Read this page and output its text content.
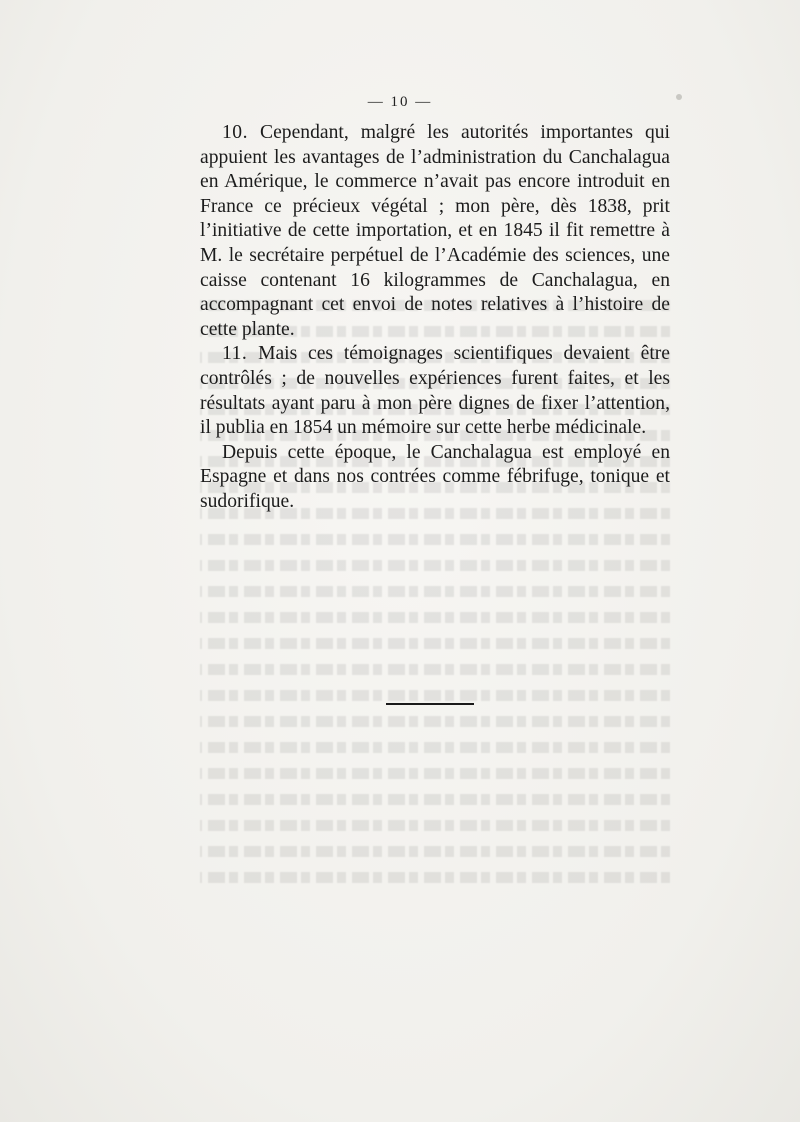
— 10 —

10. Cependant, malgré les autorités importantes qui appuient les avantages de l’administration du Canchalagua en Amérique, le commerce n’avait pas encore introduit en France ce précieux végétal ; mon père, dès 1838, prit l’initiative de cette importation, et en 1845 il fit remettre à M. le secrétaire perpétuel de l’Académie des sciences, une caisse contenant 16 kilogrammes de Canchalagua, en accompagnant cet envoi de notes relatives à l’histoire de cette plante.

11. Mais ces témoignages scientifiques devaient être contrôlés ; de nouvelles expériences furent faites, et les résultats ayant paru à mon père dignes de fixer l’attention, il publia en 1854 un mémoire sur cette herbe médicinale.

Depuis cette époque, le Canchalagua est employé en Espagne et dans nos contrées comme fébrifuge, tonique et sudorifique.
